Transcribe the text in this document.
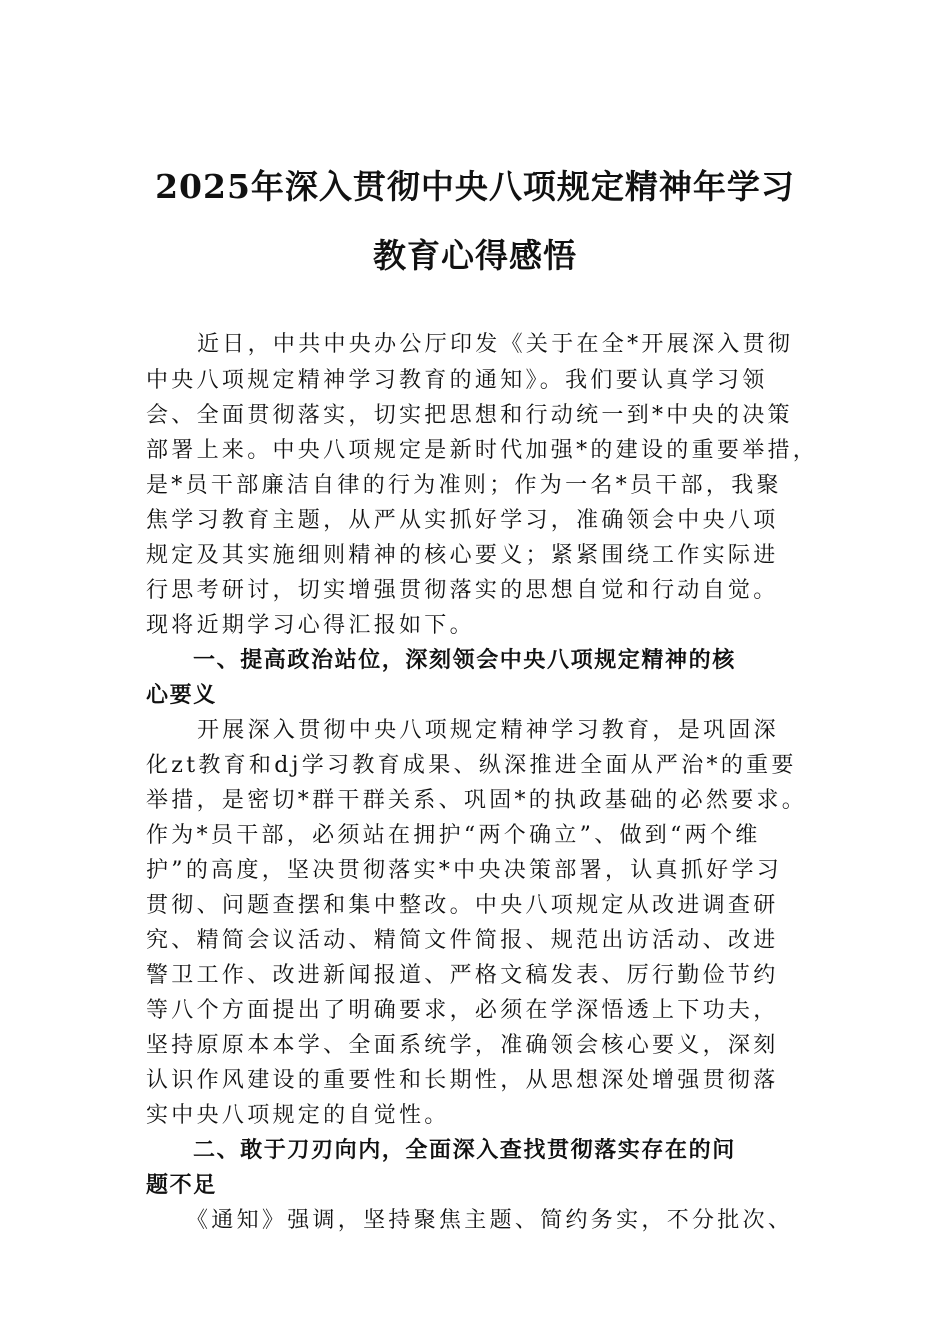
2025年深入贯彻中央八项规定精神年学习
教育心得感悟
近日，中共中央办公厅印发《关于在全*开展深入贯彻
中央八项规定精神学习教育的通知》。我们要认真学习领
会、全面贯彻落实，切实把思想和行动统一到*中央的决策
部署上来。中央八项规定是新时代加强*的建设的重要举措，
是*员干部廉洁自律的行为准则；作为一名*员干部，我聚
焦学习教育主题，从严从实抓好学习，准确领会中央八项
规定及其实施细则精神的核心要义；紧紧围绕工作实际进
行思考研讨，切实增强贯彻落实的思想自觉和行动自觉。
现将近期学习心得汇报如下。
一、提高政治站位，深刻领会中央八项规定精神的核
心要义
开展深入贯彻中央八项规定精神学习教育，是巩固深
化zt教育和dj学习教育成果、纵深推进全面从严治*的重要
举措，是密切*群干群关系、巩固*的执政基础的必然要求。
作为*员干部，必须站在拥护“两个确立”、做到“两个维
护”的高度，坚决贯彻落实*中央决策部署，认真抓好学习
贯彻、问题查摆和集中整改。中央八项规定从改进调查研
究、精简会议活动、精简文件简报、规范出访活动、改进
警卫工作、改进新闻报道、严格文稿发表、厉行勤俭节约
等八个方面提出了明确要求，必须在学深悟透上下功夫，
坚持原原本本学、全面系统学，准确领会核心要义，深刻
认识作风建设的重要性和长期性，从思想深处增强贯彻落
实中央八项规定的自觉性。
二、敢于刀刃向内，全面深入查找贯彻落实存在的问
题不足
《通知》强调，坚持聚焦主题、简约务实，不分批次、
